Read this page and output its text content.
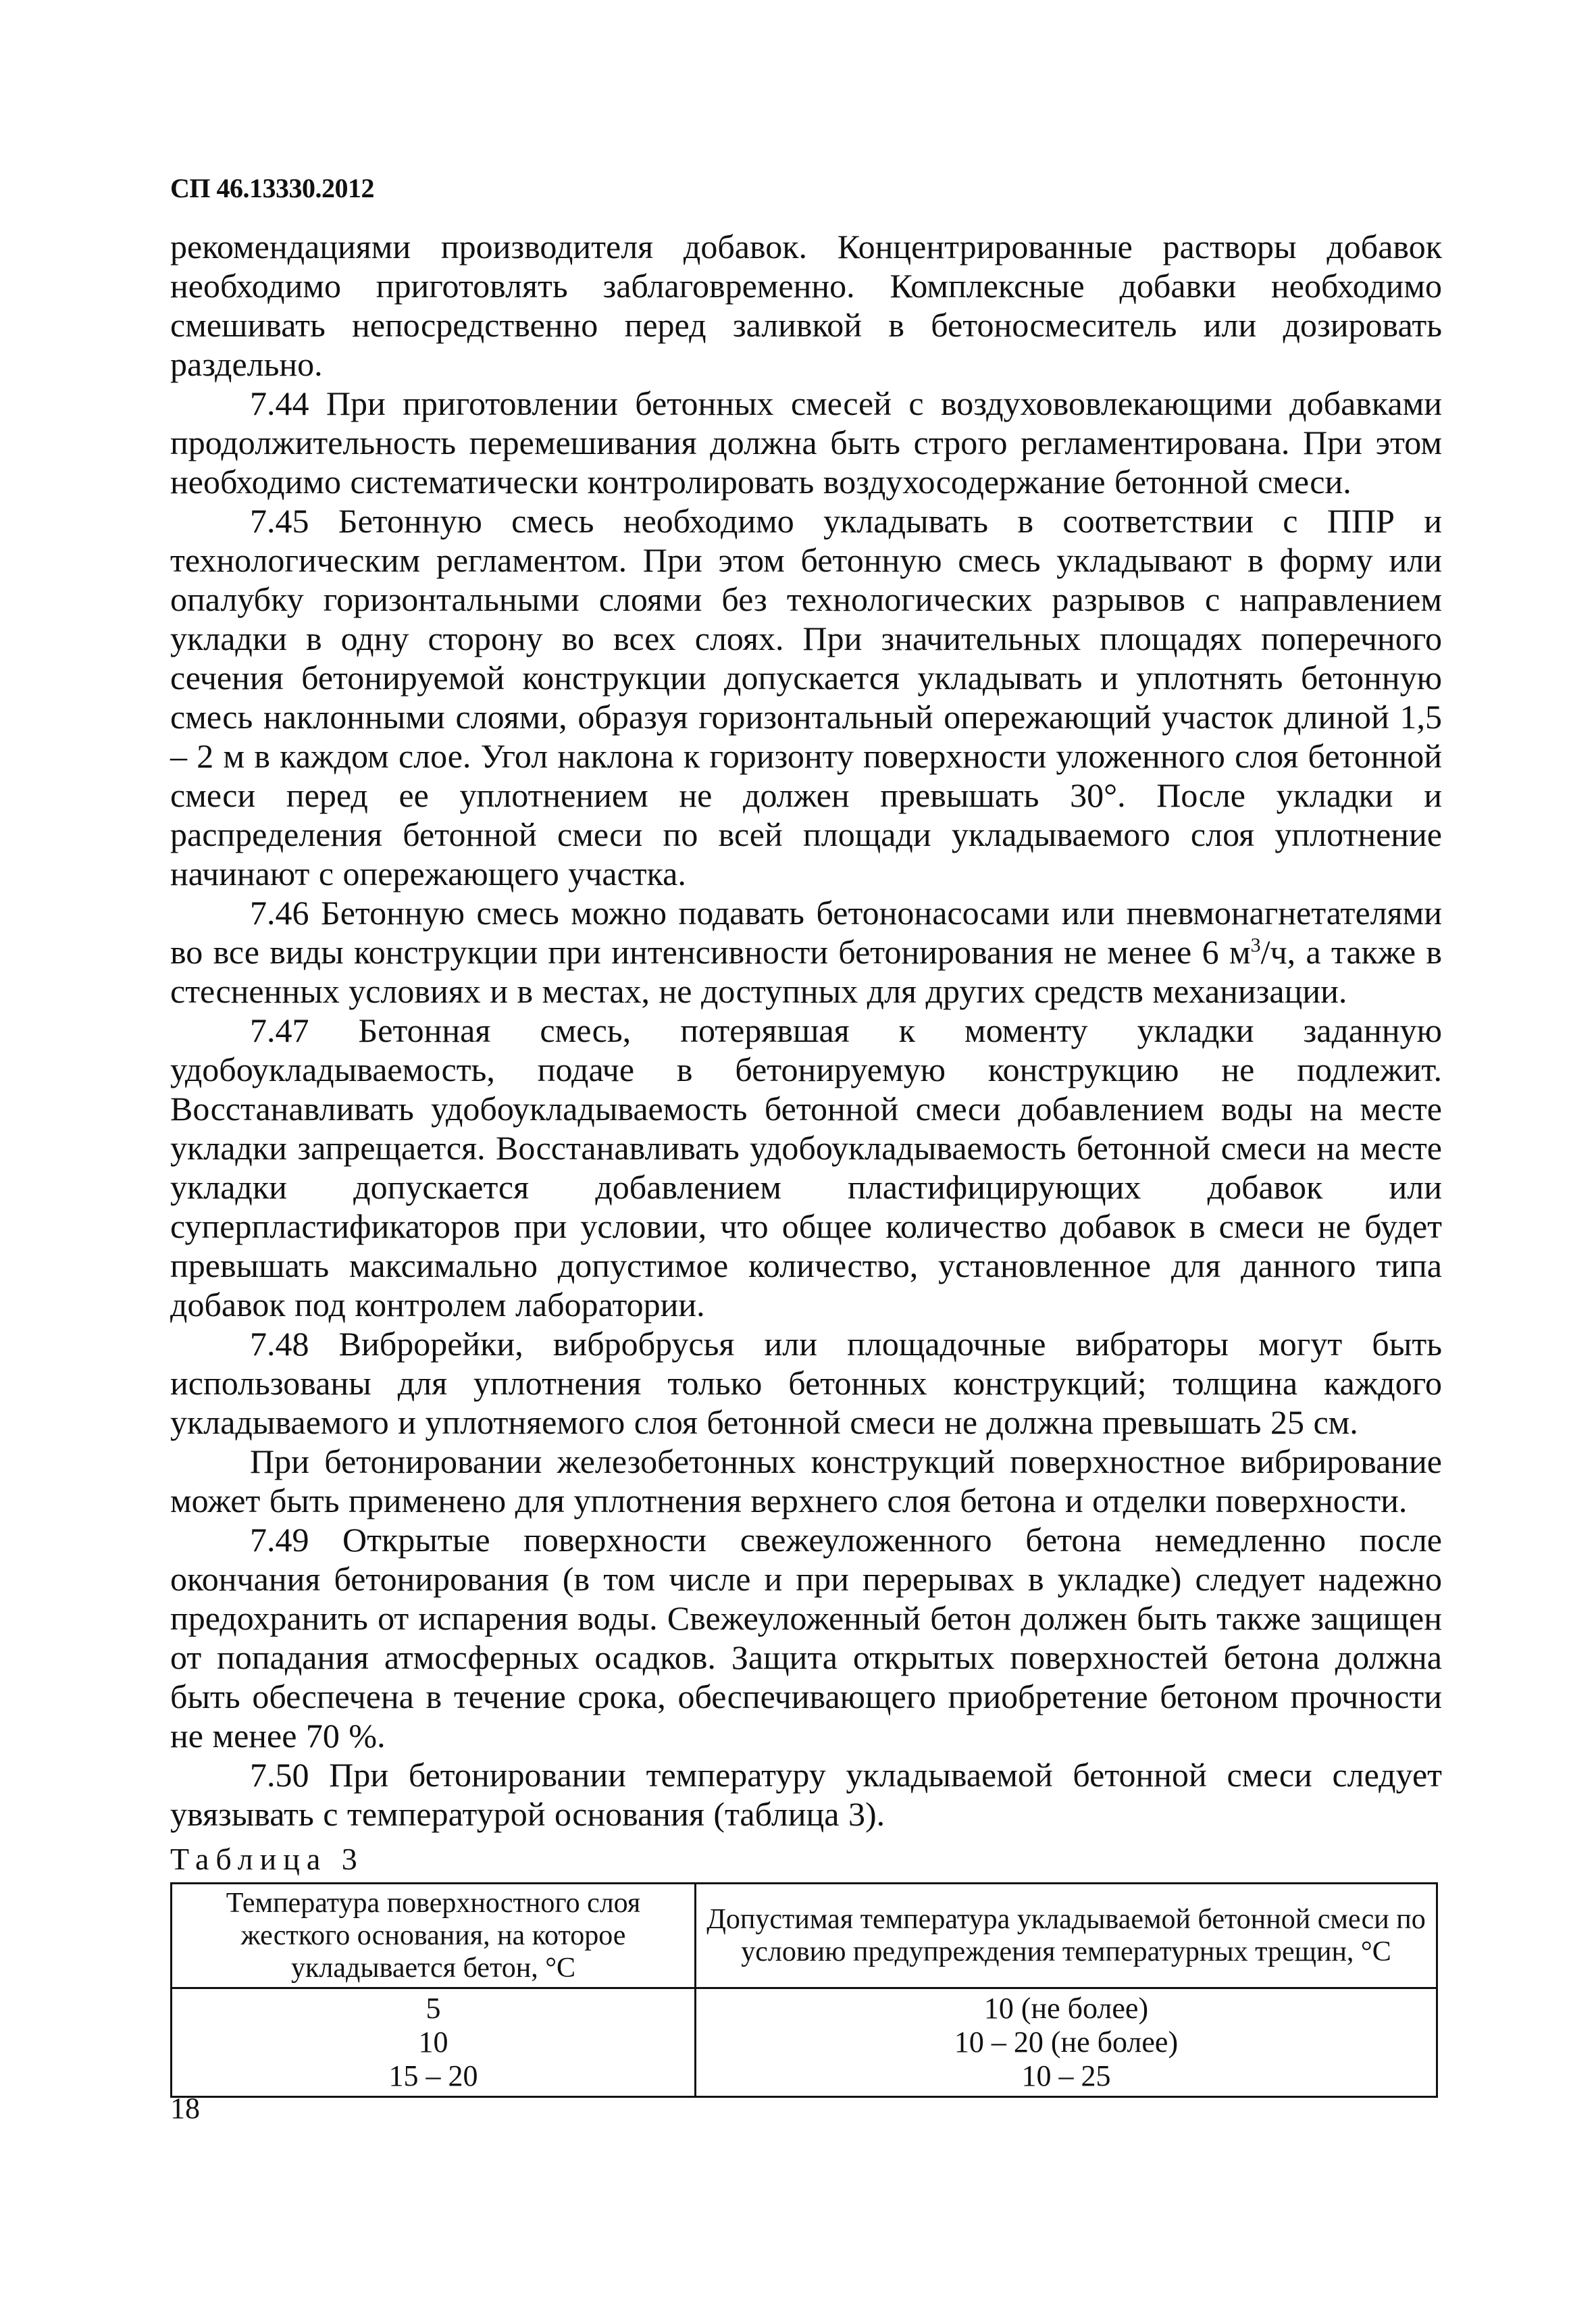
СП 46.13330.2012

рекомендациями производителя добавок. Концентрированные растворы добавок необходимо приготовлять заблаговременно. Комплексные добавки необходимо смешивать непосредственно перед заливкой в бетоносмеситель или дозировать раздельно.

7.44 При приготовлении бетонных смесей с воздухововлекающими добавками продолжительность перемешивания должна быть строго регламентирована. При этом необходимо систематически контролировать воздухосодержание бетонной смеси.

7.45 Бетонную смесь необходимо укладывать в соответствии с ППР и технологическим регламентом. При этом бетонную смесь укладывают в форму или опалубку горизонтальными слоями без технологических разрывов с направлением укладки в одну сторону во всех слоях. При значительных площадях поперечного сечения бетонируемой конструкции допускается укладывать и уплотнять бетонную смесь наклонными слоями, образуя горизонтальный опережающий участок длиной 1,5 – 2 м в каждом слое. Угол наклона к горизонту поверхности уложенного слоя бетонной смеси перед ее уплотнением не должен превышать 30°. После укладки и распределения бетонной смеси по всей площади укладываемого слоя уплотнение начинают с опережающего участка.

7.46 Бетонную смесь можно подавать бетононасосами или пневмонагнетателями во все виды конструкции при интенсивности бетонирования не менее 6 $м^3/ч$, а также в стесненных условиях и в местах, не доступных для других средств механизации.

7.47 Бетонная смесь, потерявшая к моменту укладки заданную удобоукладываемость, подаче в бетонируемую конструкцию не подлежит. Восстанавливать удобоукладываемость бетонной смеси добавлением воды на месте укладки запрещается. Восстанавливать удобоукладываемость бетонной смеси на месте укладки допускается добавлением пластифицирующих добавок или суперпластификаторов при условии, что общее количество добавок в смеси не будет превышать максимально допустимое количество, установленное для данного типа добавок под контролем лаборатории.

7.48 Виброрейки, вибробрусья или площадочные вибраторы могут быть использованы для уплотнения только бетонных конструкций; толщина каждого укладываемого и уплотняемого слоя бетонной смеси не должна превышать 25 см.

При бетонировании железобетонных конструкций поверхностное вибрирование может быть применено для уплотнения верхнего слоя бетона и отделки поверхности.

7.49 Открытые поверхности свежеуложенного бетона немедленно после окончания бетонирования (в том числе и при перерывах в укладке) следует надежно предохранить от испарения воды. Свежеуложенный бетон должен быть также защищен от попадания атмосферных осадков. Защита открытых поверхностей бетона должна быть обеспечена в течение срока, обеспечивающего приобретение бетоном прочности не менее 70 %.

7.50 При бетонировании температуру укладываемой бетонной смеси следует увязывать с температурой основания (таблица 3).

Таблица 3
Температура поверхностного слоя жесткого основания, на которое укладывается бетон, °С	Допустимая температура укладываемой бетонной смеси по условию предупреждения температурных трещин, °С
5	10 (не более)
10	10 – 20 (не более)
15 – 20	10 – 25
18
